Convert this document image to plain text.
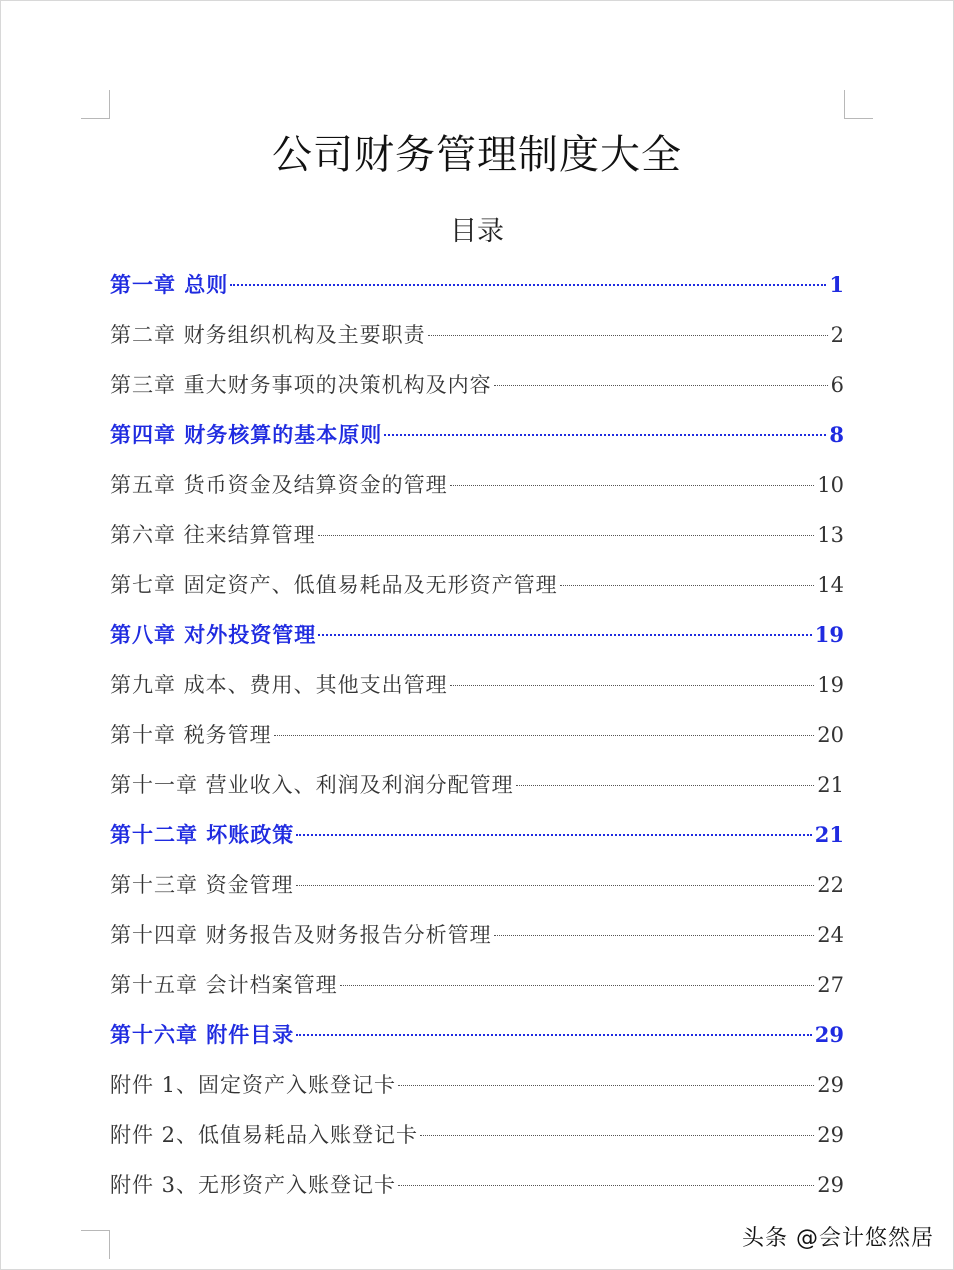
公司财务管理制度大全
目录
第一章 总则	1
第二章 财务组织机构及主要职责	2
第三章 重大财务事项的决策机构及内容	6
第四章 财务核算的基本原则	8
第五章 货币资金及结算资金的管理	10
第六章 往来结算管理	13
第七章 固定资产、低值易耗品及无形资产管理	14
第八章 对外投资管理	19
第九章 成本、费用、其他支出管理	19
第十章 税务管理	20
第十一章 营业收入、利润及利润分配管理	21
第十二章 坏账政策	21
第十三章 资金管理	22
第十四章 财务报告及财务报告分析管理	24
第十五章 会计档案管理	27
第十六章 附件目录	29
附件 1、固定资产入账登记卡	29
附件 2、低值易耗品入账登记卡	29
附件 3、无形资产入账登记卡	29
头条 @会计悠然居
